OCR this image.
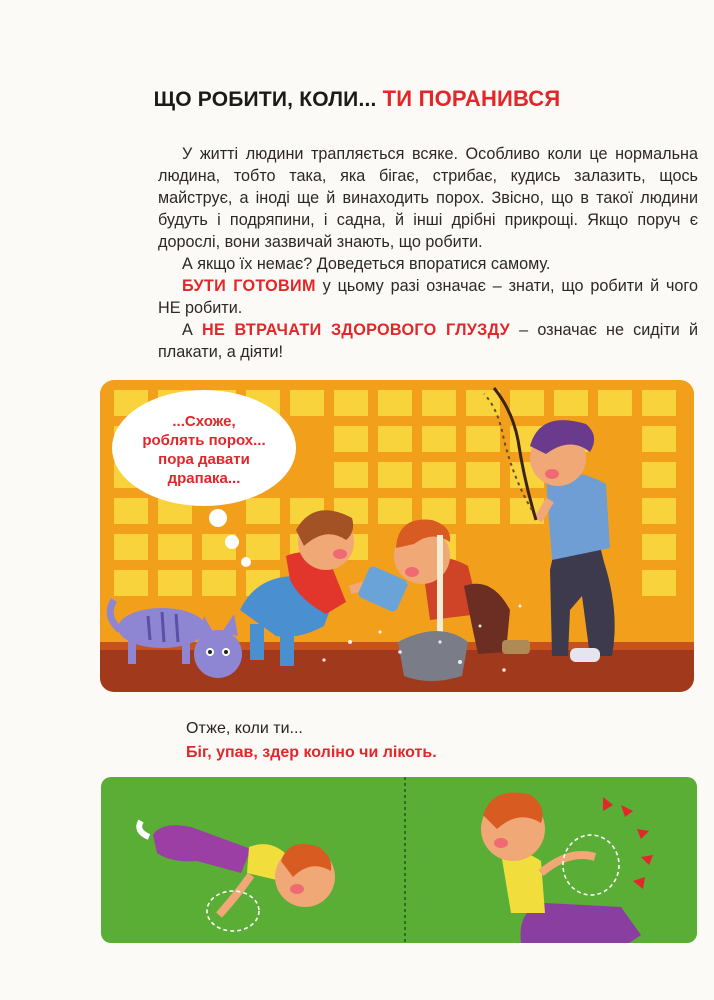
ЩО РОБИТИ, КОЛИ... ТИ ПОРАНИВСЯ

У житті людини трапляється всяке. Особливо коли це нормальна людина, тобто така, яка бігає, стрибає, кудись залазить, щось майструє, а іноді ще й винаходить порох. Звісно, що в такої людини будуть і подряпини, і садна, й інші дрібні прикрощі. Якщо поруч є дорослі, вони зазвичай знають, що робити.

А якщо їх немає? Доведеться впоратися самому.

БУТИ ГОТОВИМ у цьому разі означає – знати, що робити й чого НЕ робити.

А НЕ ВТРАЧАТИ ЗДОРОВОГО ГЛУЗДУ – означає не сидіти й плакати, а діяти!

...Схоже,
роблять порох...
пора давати
драпака...
Отже, коли ти...
Біг, упав, здер коліно чи лікоть.
